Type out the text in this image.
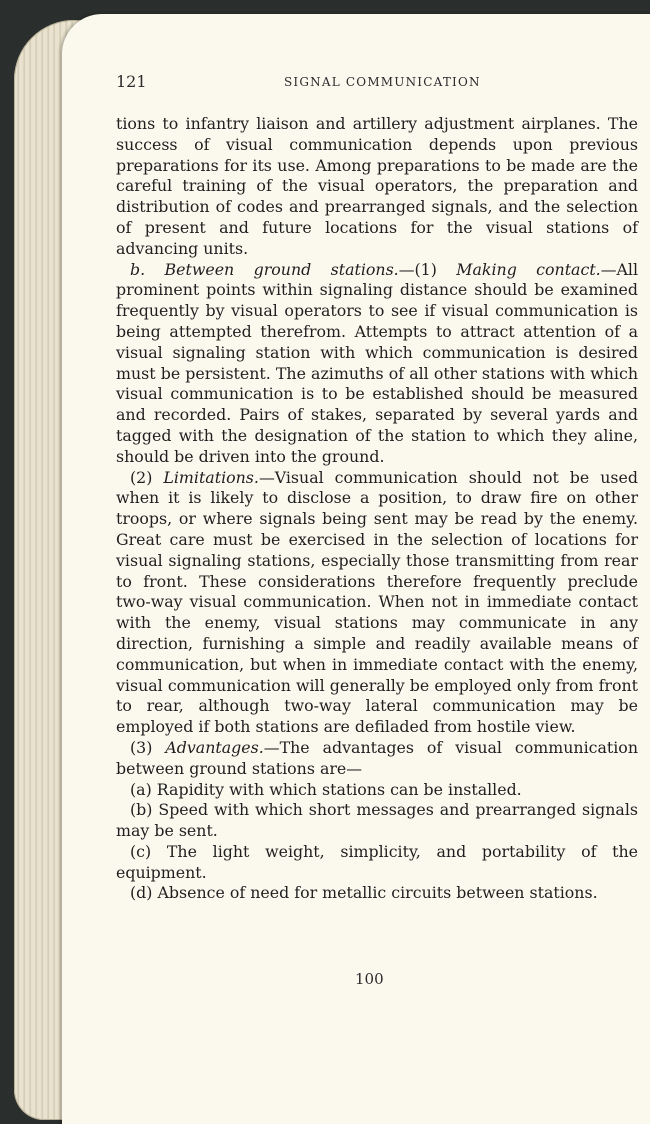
121	SIGNAL COMMUNICATION

tions to infantry liaison and artillery adjustment airplanes. The success of visual communication depends upon previous preparations for its use. Among preparations to be made are the careful training of the visual operators, the preparation and distribution of codes and prearranged signals, and the selection of present and future locations for the visual stations of advancing units.

b. Between ground stations.—(1) Making contact.—All prominent points within signaling distance should be examined frequently by visual operators to see if visual communication is being attempted therefrom. Attempts to attract attention of a visual signaling station with which communication is desired must be persistent. The azimuths of all other stations with which visual communication is to be established should be measured and recorded. Pairs of stakes, separated by several yards and tagged with the designation of the station to which they aline, should be driven into the ground.

(2) Limitations.—Visual communication should not be used when it is likely to disclose a position, to draw fire on other troops, or where signals being sent may be read by the enemy. Great care must be exercised in the selection of locations for visual signaling stations, especially those transmitting from rear to front. These considerations therefore frequently preclude two-way visual communication. When not in immediate contact with the enemy, visual stations may communicate in any direction, furnishing a simple and readily available means of communication, but when in immediate contact with the enemy, visual communication will generally be employed only from front to rear, although two-way lateral communication may be employed if both stations are defiladed from hostile view.

(3) Advantages.—The advantages of visual communication between ground stations are—

(a) Rapidity with which stations can be installed.

(b) Speed with which short messages and prearranged signals may be sent.

(c) The light weight, simplicity, and portability of the equipment.

(d) Absence of need for metallic circuits between stations.

100
